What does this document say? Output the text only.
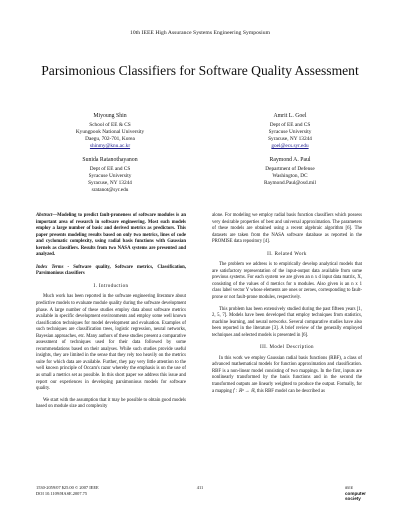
10th IEEE High Assurance Systems Engineering Symposium
Parsimonious Classifiers for Software Quality Assessment
Miyoung Shin
School of EE & CS
Kyungpook National University
Daegu, 702-701, Korea
shinmy@knu.ac.kr
Amrit L. Goel
Dept of EE and CS
Syracuse University
Syracuse, NY 13244
goel@ecs.syr.edu
Sunida Ratanothayanon
Dept of EE and CS
Syracuse University
Syracuse, NY 13244
sratanot@syr.edu
Raymond A. Paul
Department of Defense
Washington, DC
Raymond.Paul@osd.mil

Abstract—Modeling to predict fault-proneness of software modules is an important area of research in software engineering. Most such models employ a large number of basic and derived metrics as predictors. This paper presents modeling results based on only two metrics, lines of code and cyclomatic complexity, using radial basis functions with Gaussian kernels as classifiers. Results from two NASA systems are presented and analyzed.

Index Terms - Software quality, Software metrics, Classification, Parsimonious classifiers

I. Introduction

Much work has been reported in the software engineering literature about predictive models to evaluate module quality during the software development phase. A large number of these studies employ data about software metrics available in specific development environments and employ some well known classification techniques for model development and evaluation. Examples of such techniques are classification trees, logistic regression, neural networks, Bayesian approaches, etc. Many authors of these studies present a comparative assessment of techniques used for their data followed by some recommendations based on their analyses. While such studies provide useful insights, they are limited in the sense that they rely too heavily on the metrics suite for which data are available. Further, they pay very little attention to the well known principle of Occam's razor whereby the emphasis is on the use of as small a metrics set as possible. In this short paper we address this issue and report our experiences in developing parsimonious models for software quality.

We start with the assumption that it may be possible to obtain good models based on module size and complexity

alone. For modeling we employ radial basis function classifiers which possess very desirable properties of best and universal approximation. The parameters of these models are obtained using a recent algebraic algorithm [6]. The datasets are taken from the NASA software database as reported in the PROMISE data repository [4].

II. Related Work

The problem we address is to empirically develop analytical models that are satisfactory representation of the input-output data available from some previous systems. For each system we are given an n x d input data matrix, X, consisting of the values of d metrics for n modules. Also given is an n x 1 class label vector Y whose elements are ones or zeroes, corresponding to fault-prone or not fault-prone modules, respectively.

This problem has been extensively studied during the past fifteen years [1, 2, 5, 7]. Models have been developed that employ techniques from statistics, machine learning, and neural networks. Several comparative studies have also been reported in the literature [3]. A brief review of the generally employed techniques and selected models is presented in [6].

III. Model Description

In this work we employ Gaussian radial basis functions (RBF), a class of advanced mathematical models for function approximation and classification. RBF is a non-linear model consisting of two mappings. In the first, inputs are nonlinearly transformed by the basis functions and in the second the transformed outputs are linearly weighted to produce the output. Formally, for a mapping f : ℝᵈ → ℝ, this RBF model can be described as

1530-2059/07 $25.00 © 2007 IEEE
DOI 10.1109/HASE.2007.75
411	IEEE
computer society
